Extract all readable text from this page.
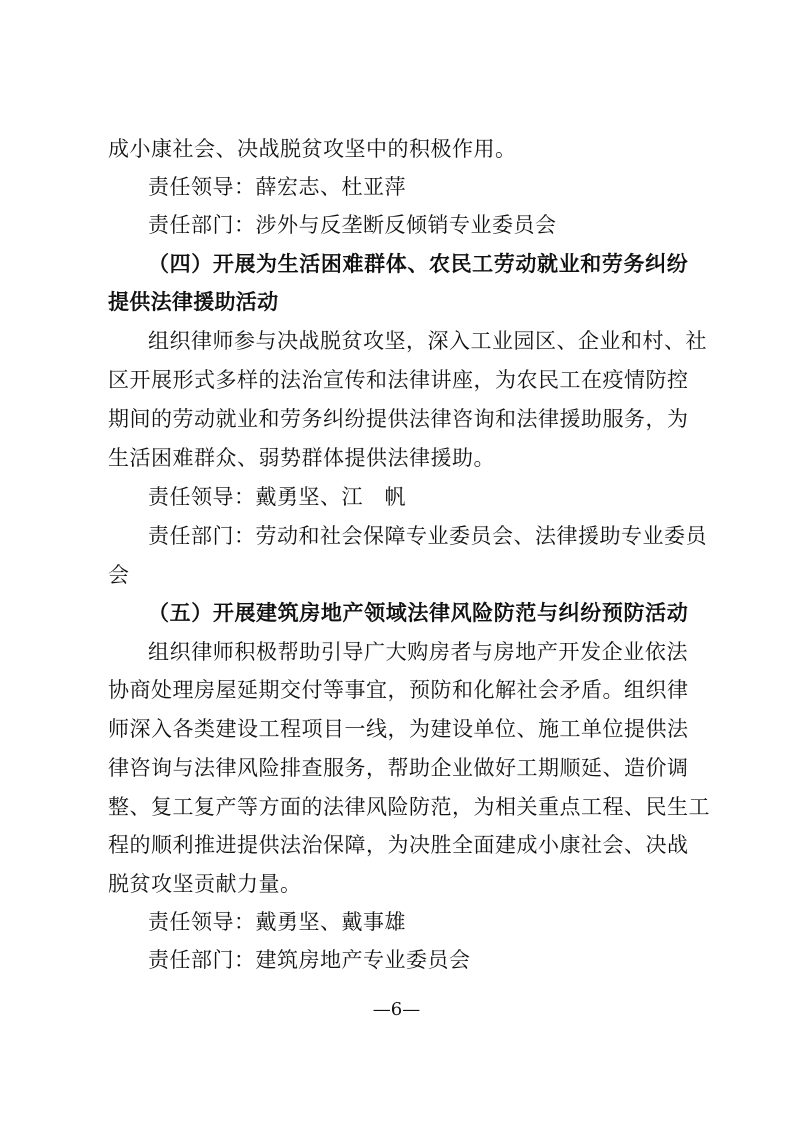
成小康社会、决战脱贫攻坚中的积极作用。
责任领导：薛宏志、杜亚萍
责任部门：涉外与反垄断反倾销专业委员会
（四）开展为生活困难群体、农民工劳动就业和劳务纠纷
提供法律援助活动
组织律师参与决战脱贫攻坚，深入工业园区、企业和村、社
区开展形式多样的法治宣传和法律讲座，为农民工在疫情防控
期间的劳动就业和劳务纠纷提供法律咨询和法律援助服务，为
生活困难群众、弱势群体提供法律援助。
责任领导：戴勇坚、江　帆
责任部门：劳动和社会保障专业委员会、法律援助专业委员
会
（五）开展建筑房地产领域法律风险防范与纠纷预防活动
组织律师积极帮助引导广大购房者与房地产开发企业依法
协商处理房屋延期交付等事宜，预防和化解社会矛盾。组织律
师深入各类建设工程项目一线，为建设单位、施工单位提供法
律咨询与法律风险排查服务，帮助企业做好工期顺延、造价调
整、复工复产等方面的法律风险防范，为相关重点工程、民生工
程的顺利推进提供法治保障，为决胜全面建成小康社会、决战
脱贫攻坚贡献力量。
责任领导：戴勇坚、戴事雄
责任部门：建筑房地产专业委员会
—6—
